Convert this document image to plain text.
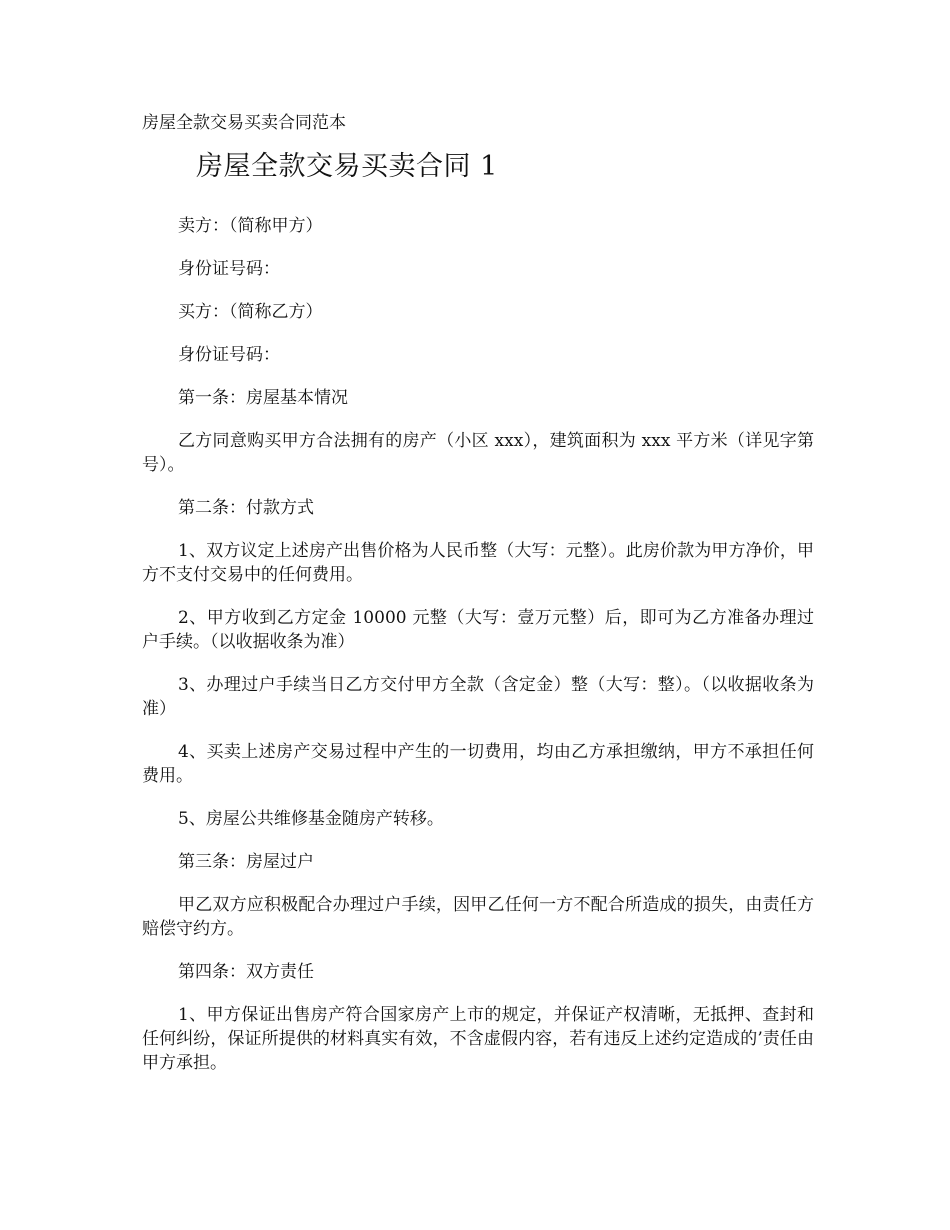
房屋全款交易买卖合同范本
房屋全款交易买卖合同 1

卖方：（简称甲方）

身份证号码：

买方：（简称乙方）

身份证号码：

第一条：房屋基本情况

乙方同意购买甲方合法拥有的房产（小区 xxx），建筑面积为 xxx 平方米（详见字第号）。

第二条：付款方式

1、双方议定上述房产出售价格为人民币整（大写：元整）。此房价款为甲方净价，甲方不支付交易中的任何费用。

2、甲方收到乙方定金 10000 元整（大写：壹万元整）后，即可为乙方准备办理过户手续。（以收据收条为准）

3、办理过户手续当日乙方交付甲方全款（含定金）整（大写：整）。（以收据收条为准）

4、买卖上述房产交易过程中产生的一切费用，均由乙方承担缴纳，甲方不承担任何费用。

5、房屋公共维修基金随房产转移。

第三条：房屋过户

甲乙双方应积极配合办理过户手续，因甲乙任何一方不配合所造成的损失，由责任方赔偿守约方。

第四条：双方责任

1、甲方保证出售房产符合国家房产上市的规定，并保证产权清晰，无抵押、查封和任何纠纷，保证所提供的材料真实有效，不含虚假内容，若有违反上述约定造成的’责任由甲方承担。
